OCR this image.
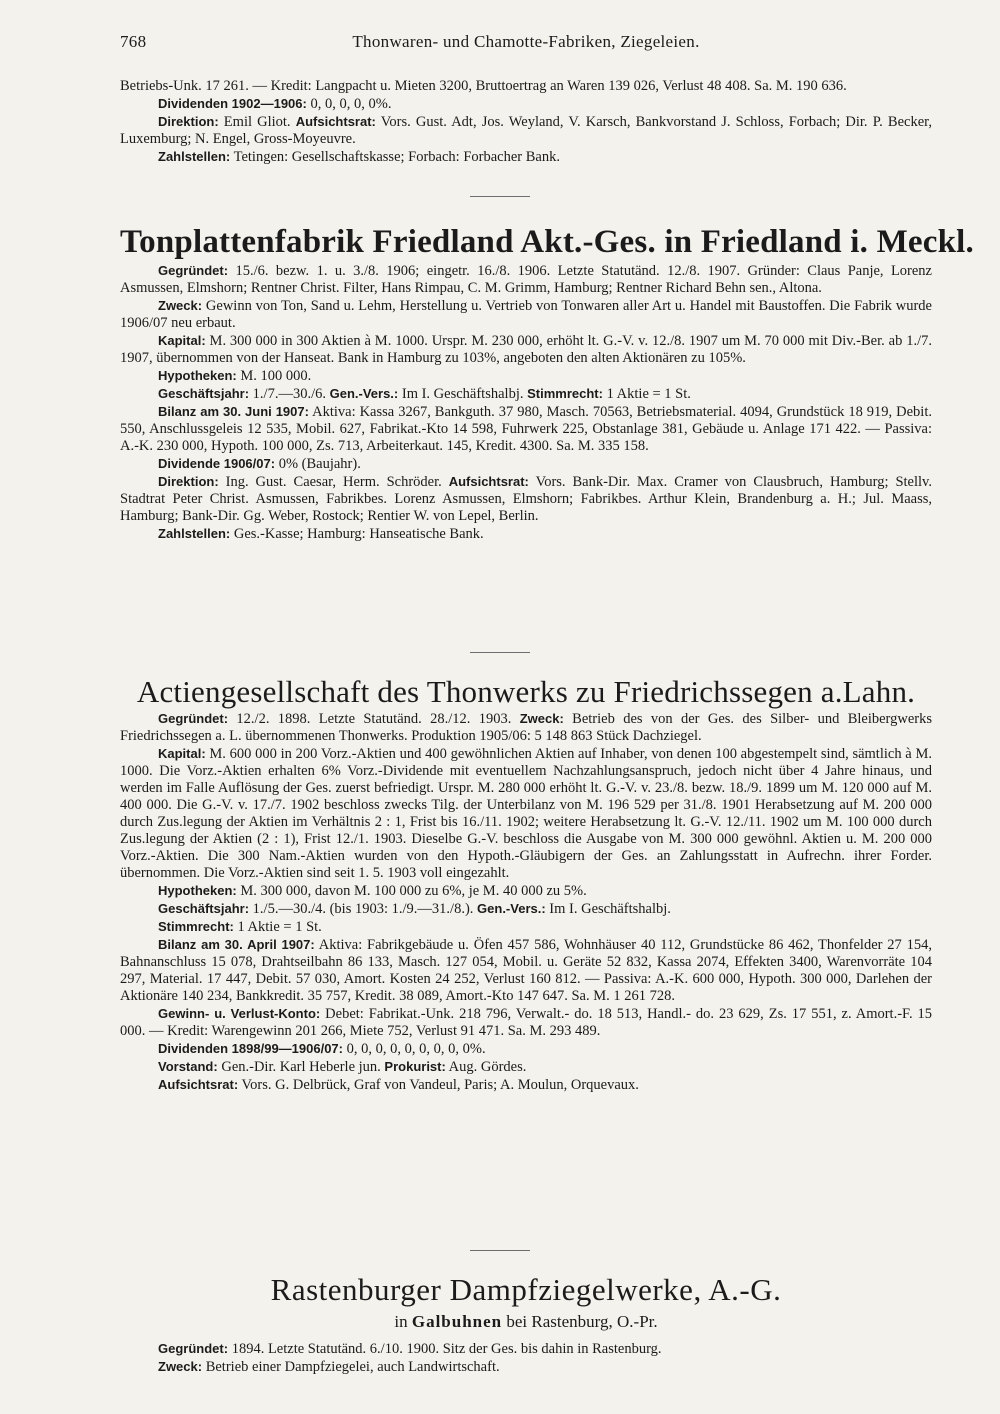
768	Thonwaren- und Chamotte-Fabriken, Ziegeleien.

Betriebs-Unk. 17 261. — Kredit: Langpacht u. Mieten 3200, Bruttoertrag an Waren 139 026, Verlust 48 408. Sa. M. 190 636.

Dividenden 1902—1906: 0, 0, 0, 0, 0%.

Direktion: Emil Gliot. Aufsichtsrat: Vors. Gust. Adt, Jos. Weyland, V. Karsch, Bankvorstand J. Schloss, Forbach; Dir. P. Becker, Luxemburg; N. Engel, Gross-Moyeuvre.

Zahlstellen: Tetingen: Gesellschaftskasse; Forbach: Forbacher Bank.

Tonplattenfabrik Friedland Akt.-Ges. in Friedland i. Meckl.

Gegründet: 15./6. bezw. 1. u. 3./8. 1906; eingetr. 16./8. 1906. Letzte Statutänd. 12./8. 1907. Gründer: Claus Panje, Lorenz Asmussen, Elmshorn; Rentner Christ. Filter, Hans Rimpau, C. M. Grimm, Hamburg; Rentner Richard Behn sen., Altona.

Zweck: Gewinn von Ton, Sand u. Lehm, Herstellung u. Vertrieb von Tonwaren aller Art u. Handel mit Baustoffen. Die Fabrik wurde 1906/07 neu erbaut.

Kapital: M. 300 000 in 300 Aktien à M. 1000. Urspr. M. 230 000, erhöht lt. G.-V. v. 12./8. 1907 um M. 70 000 mit Div.-Ber. ab 1./7. 1907, übernommen von der Hanseat. Bank in Hamburg zu 103%, angeboten den alten Aktionären zu 105%.

Hypotheken: M. 100 000.

Geschäftsjahr: 1./7.—30./6. Gen.-Vers.: Im I. Geschäftshalbj. Stimmrecht: 1 Aktie = 1 St.

Bilanz am 30. Juni 1907: Aktiva: Kassa 3267, Bankguth. 37 980, Masch. 70563, Betriebsmaterial. 4094, Grundstück 18 919, Debit. 550, Anschlussgeleis 12 535, Mobil. 627, Fabrikat.-Kto 14 598, Fuhrwerk 225, Obstanlage 381, Gebäude u. Anlage 171 422. — Passiva: A.-K. 230 000, Hypoth. 100 000, Zs. 713, Arbeiterkaut. 145, Kredit. 4300. Sa. M. 335 158.

Dividende 1906/07: 0% (Baujahr).

Direktion: Ing. Gust. Caesar, Herm. Schröder. Aufsichtsrat: Vors. Bank-Dir. Max. Cramer von Clausbruch, Hamburg; Stellv. Stadtrat Peter Christ. Asmussen, Fabrikbes. Lorenz Asmussen, Elmshorn; Fabrikbes. Arthur Klein, Brandenburg a. H.; Jul. Maass, Hamburg; Bank-Dir. Gg. Weber, Rostock; Rentier W. von Lepel, Berlin.

Zahlstellen: Ges.-Kasse; Hamburg: Hanseatische Bank.

Actiengesellschaft des Thonwerks zu Friedrichssegen a.Lahn.

Gegründet: 12./2. 1898. Letzte Statutänd. 28./12. 1903. Zweck: Betrieb des von der Ges. des Silber- und Bleibergwerks Friedrichssegen a. L. übernommenen Thonwerks. Produktion 1905/06: 5 148 863 Stück Dachziegel.

Kapital: M. 600 000 in 200 Vorz.-Aktien und 400 gewöhnlichen Aktien auf Inhaber, von denen 100 abgestempelt sind, sämtlich à M. 1000. Die Vorz.-Aktien erhalten 6% Vorz.-Dividende mit eventuellem Nachzahlungsanspruch, jedoch nicht über 4 Jahre hinaus, und werden im Falle Auflösung der Ges. zuerst befriedigt. Urspr. M. 280 000 erhöht lt. G.-V. v. 23./8. bezw. 18./9. 1899 um M. 120 000 auf M. 400 000. Die G.-V. v. 17./7. 1902 beschloss zwecks Tilg. der Unterbilanz von M. 196 529 per 31./8. 1901 Herabsetzung auf M. 200 000 durch Zus.legung der Aktien im Verhältnis 2 : 1, Frist bis 16./11. 1902; weitere Herabsetzung lt. G.-V. 12./11. 1902 um M. 100 000 durch Zus.legung der Aktien (2 : 1), Frist 12./1. 1903. Dieselbe G.-V. beschloss die Ausgabe von M. 300 000 gewöhnl. Aktien u. M. 200 000 Vorz.-Aktien. Die 300 Nam.-Aktien wurden von den Hypoth.-Gläubigern der Ges. an Zahlungsstatt in Aufrechn. ihrer Forder. übernommen. Die Vorz.-Aktien sind seit 1. 5. 1903 voll eingezahlt.

Hypotheken: M. 300 000, davon M. 100 000 zu 6%, je M. 40 000 zu 5%.

Geschäftsjahr: 1./5.—30./4. (bis 1903: 1./9.—31./8.). Gen.-Vers.: Im I. Geschäftshalbj.

Stimmrecht: 1 Aktie = 1 St.

Bilanz am 30. April 1907: Aktiva: Fabrikgebäude u. Öfen 457 586, Wohnhäuser 40 112, Grundstücke 86 462, Thonfelder 27 154, Bahnanschluss 15 078, Drahtseilbahn 86 133, Masch. 127 054, Mobil. u. Geräte 52 832, Kassa 2074, Effekten 3400, Warenvorräte 104 297, Material. 17 447, Debit. 57 030, Amort. Kosten 24 252, Verlust 160 812. — Passiva: A.-K. 600 000, Hypoth. 300 000, Darlehen der Aktionäre 140 234, Bankkredit. 35 757, Kredit. 38 089, Amort.-Kto 147 647. Sa. M. 1 261 728.

Gewinn- u. Verlust-Konto: Debet: Fabrikat.-Unk. 218 796, Verwalt.- do. 18 513, Handl.- do. 23 629, Zs. 17 551, z. Amort.-F. 15 000. — Kredit: Warengewinn 201 266, Miete 752, Verlust 91 471. Sa. M. 293 489.

Dividenden 1898/99—1906/07: 0, 0, 0, 0, 0, 0, 0, 0, 0%.

Vorstand: Gen.-Dir. Karl Heberle jun. Prokurist: Aug. Gördes.

Aufsichtsrat: Vors. G. Delbrück, Graf von Vandeul, Paris; A. Moulun, Orquevaux.

Rastenburger Dampfziegelwerke, A.-G.
in Galbuhnen bei Rastenburg, O.-Pr.

Gegründet: 1894. Letzte Statutänd. 6./10. 1900. Sitz der Ges. bis dahin in Rastenburg.

Zweck: Betrieb einer Dampfziegelei, auch Landwirtschaft.
